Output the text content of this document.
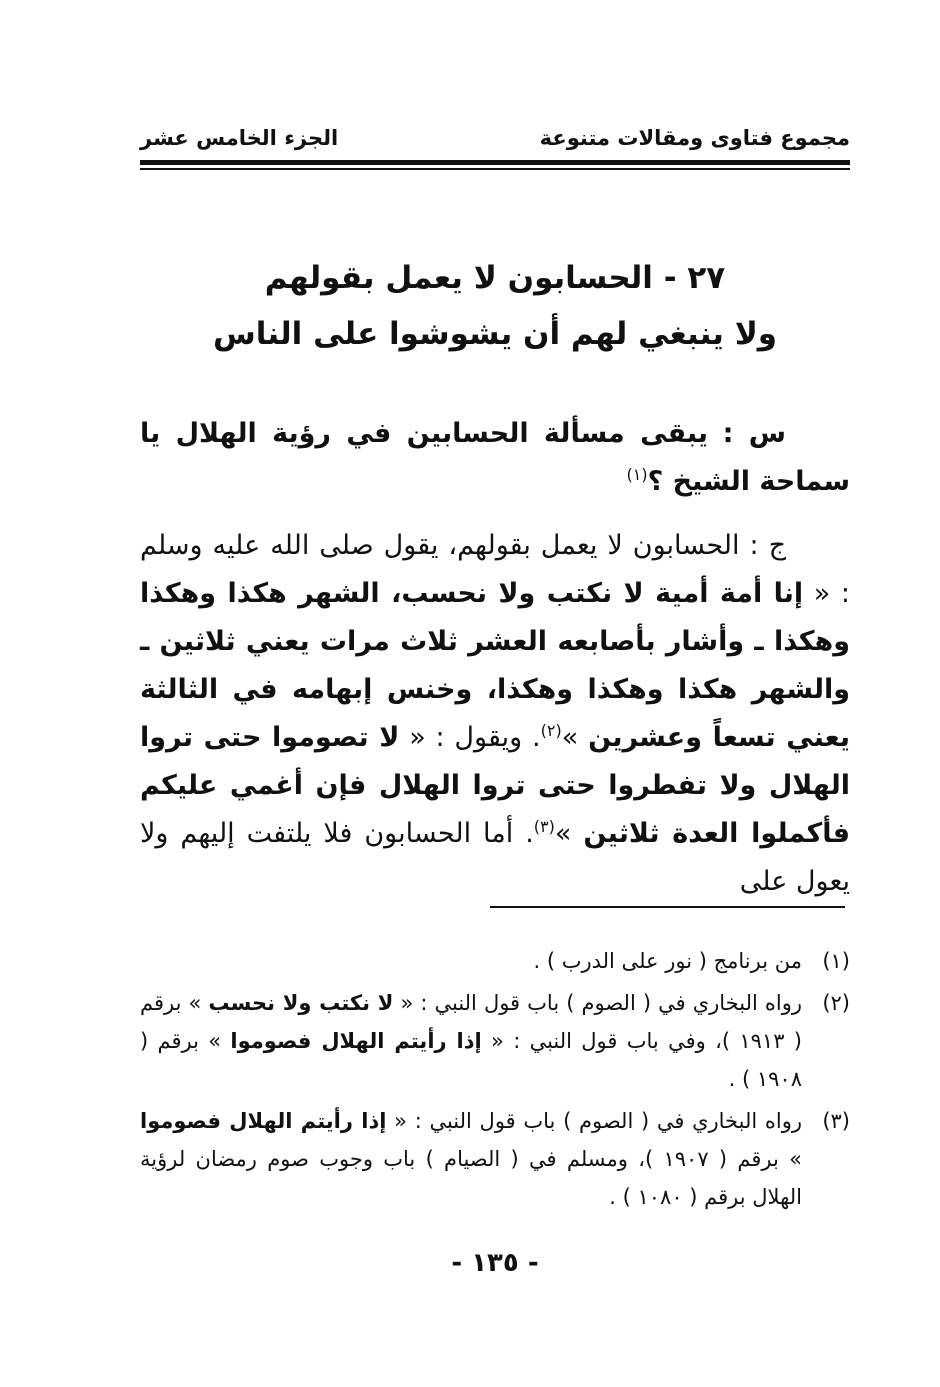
مجموع فتاوى ومقالات متنوعة
الجزء الخامس عشر
٢٧ - الحسابون لا يعمل بقولهم
ولا ينبغي لهم أن يشوشوا على الناس

س : يبقى مسألة الحسابين في رؤية الهلال يا سماحة الشيخ ؟$^{(١)}$

ج : الحسابون لا يعمل بقولهم، يقول صلى الله عليه وسلم : « إنا أمة أمية لا نكتب ولا نحسب، الشهر هكذا وهكذا وهكذا ـ وأشار بأصابعه العشر ثلاث مرات يعني ثلاثين ـ والشهر هكذا وهكذا وهكذا، وخنس إبهامه في الثالثة يعني تسعاً وعشرين »$^{(٢)}$. ويقول : « لا تصوموا حتى تروا الهلال ولا تفطروا حتى تروا الهلال فإن أغمي عليكم فأكملوا العدة ثلاثين »$^{(٣)}$. أما الحسابون فلا يلتفت إليهم ولا يعول على

(١)
من برنامج ( نور على الدرب ) .
(٢)
رواه البخاري في ( الصوم ) باب قول النبي : « لا نكتب ولا نحسب » برقم ( ١٩١٣ )، وفي باب قول النبي : « إذا رأيتم الهلال فصوموا » برقم ( ١٩٠٨ ) .
(٣)
رواه البخاري في ( الصوم ) باب قول النبي : « إذا رأيتم الهلال فصوموا » برقم ( ١٩٠٧ )، ومسلم في ( الصيام ) باب وجوب صوم رمضان لرؤية الهلال برقم ( ١٠٨٠ ) .
- ١٣٥ -
